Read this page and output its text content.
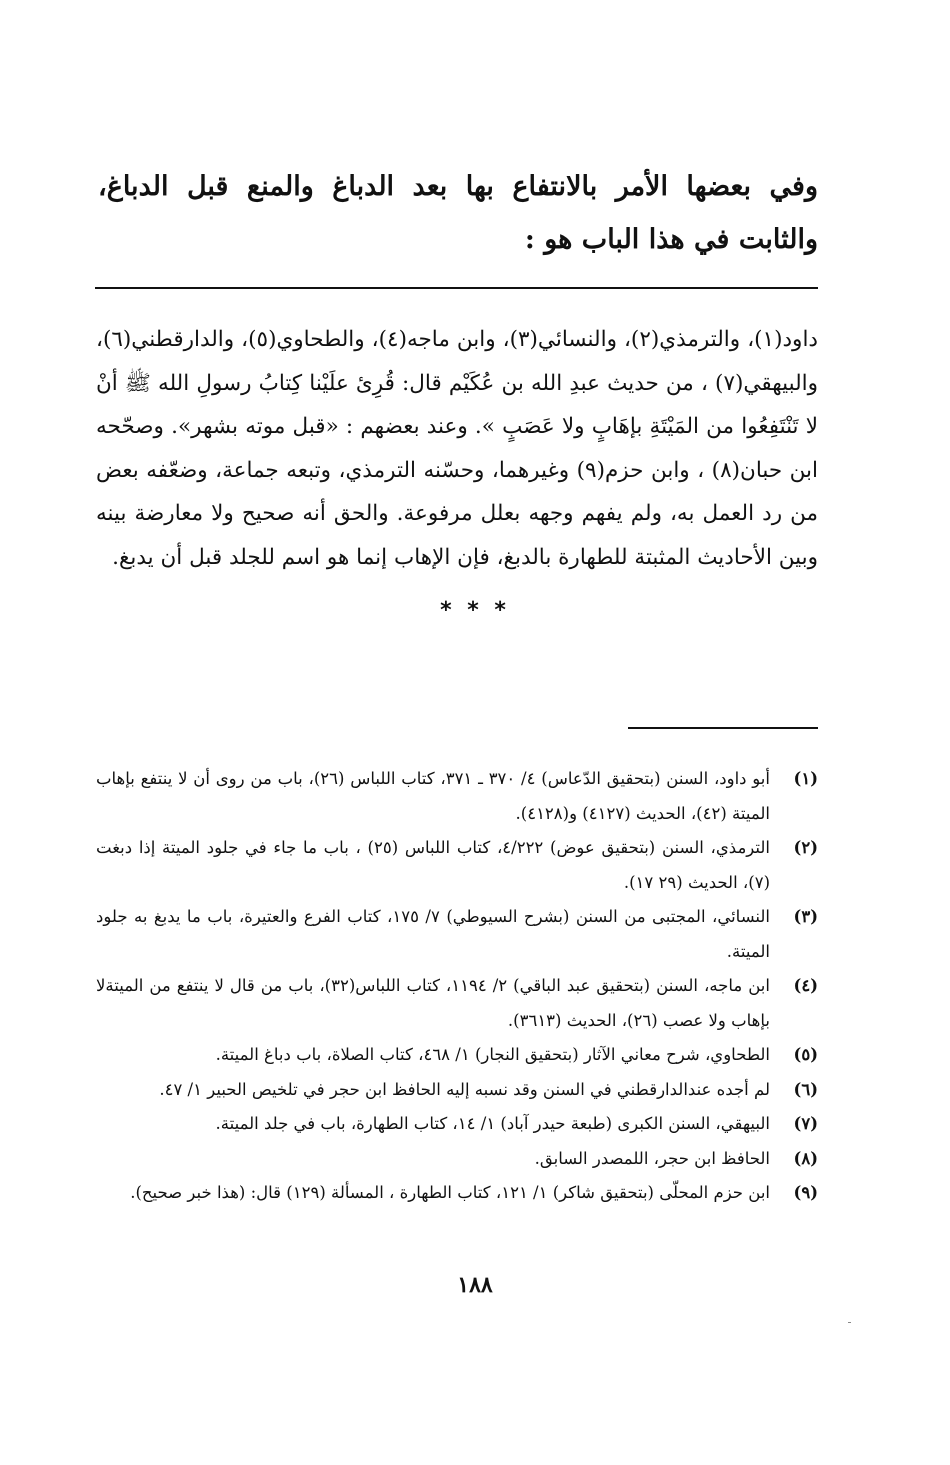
وفي بعضها الأمر بالانتفاع بها بعد الدباغ والمنع قبل الدباغ، والثابت في هذا الباب هو :

داود(١)، والترمذي(٢)، والنسائي(٣)، وابن ماجه(٤)، والطحاوي(٥)، والدارقطني(٦)، والبيهقي(٧) ، من حديث عبدِ الله بن عُكَيْم قال: قُرِئ علَيْنا كِتابُ رسولِ الله ﷺ أنْ لا تَنْتَفِعُوا من المَيْتَةِ بإهَابٍ ولا عَصَبٍ ». وعند بعضهم : «قبل موته بشهر». وصحّحه ابن حبان(٨) ، وابن حزم(٩) وغيرهما، وحسّنه الترمذي، وتبعه جماعة، وضعّفه بعض من رد العمل به، ولم يفهم وجهه بعلل مرفوعة. والحق أنه صحيح ولا معارضة بينه وبين الأحاديث المثبتة للطهارة بالدبغ، فإن الإهاب إنما هو اسم للجلد قبل أن يدبغ.

* * *
(١)
أبو داود، السنن (بتحقيق الدّعاس) ٤/ ٣٧٠ ـ ٣٧١، كتاب اللباس (٢٦)، باب من روى أن لا ينتفع بإهاب الميتة (٤٢)، الحديث (٤١٢٧) و(٤١٢٨).
(٢)
الترمذي، السنن (بتحقيق عوض) ٤/٢٢٢، كتاب اللباس (٢٥) ، باب ما جاء في جلود الميتة إذا دبغت (٧)، الحديث (٢٩ ١٧).
(٣)
النسائي، المجتبى من السنن (بشرح السيوطي) ٧/ ١٧٥، كتاب الفرع والعتيرة، باب ما يدبغ به جلود الميتة.
(٤)
ابن ماجه، السنن (بتحقيق عبد الباقي) ٢/ ١١٩٤، كتاب اللباس(٣٢)، باب من قال لا ينتفع من الميتةلا بإهاب ولا عصب (٢٦)، الحديث (٣٦١٣).
(٥)
الطحاوي، شرح معاني الآثار (بتحقيق النجار) ١/ ٤٦٨، كتاب الصلاة، باب دباغ الميتة.
(٦)
لم أجده عندالدارقطني في السنن وقد نسبه إليه الحافظ ابن حجر في تلخيص الحبير ١/ ٤٧.
(٧)
البيهقي، السنن الكبرى (طبعة حيدر آباد) ١/ ١٤، كتاب الطهارة، باب في جلد الميتة.
(٨)
الحافظ ابن حجر، اللمصدر السابق.
(٩)
ابن حزم المحلّى (بتحقيق شاكر) ١/ ١٢١، كتاب الطهارة ، المسألة (١٢٩) قال: (هذا خبر صحيح).
١٨٨
